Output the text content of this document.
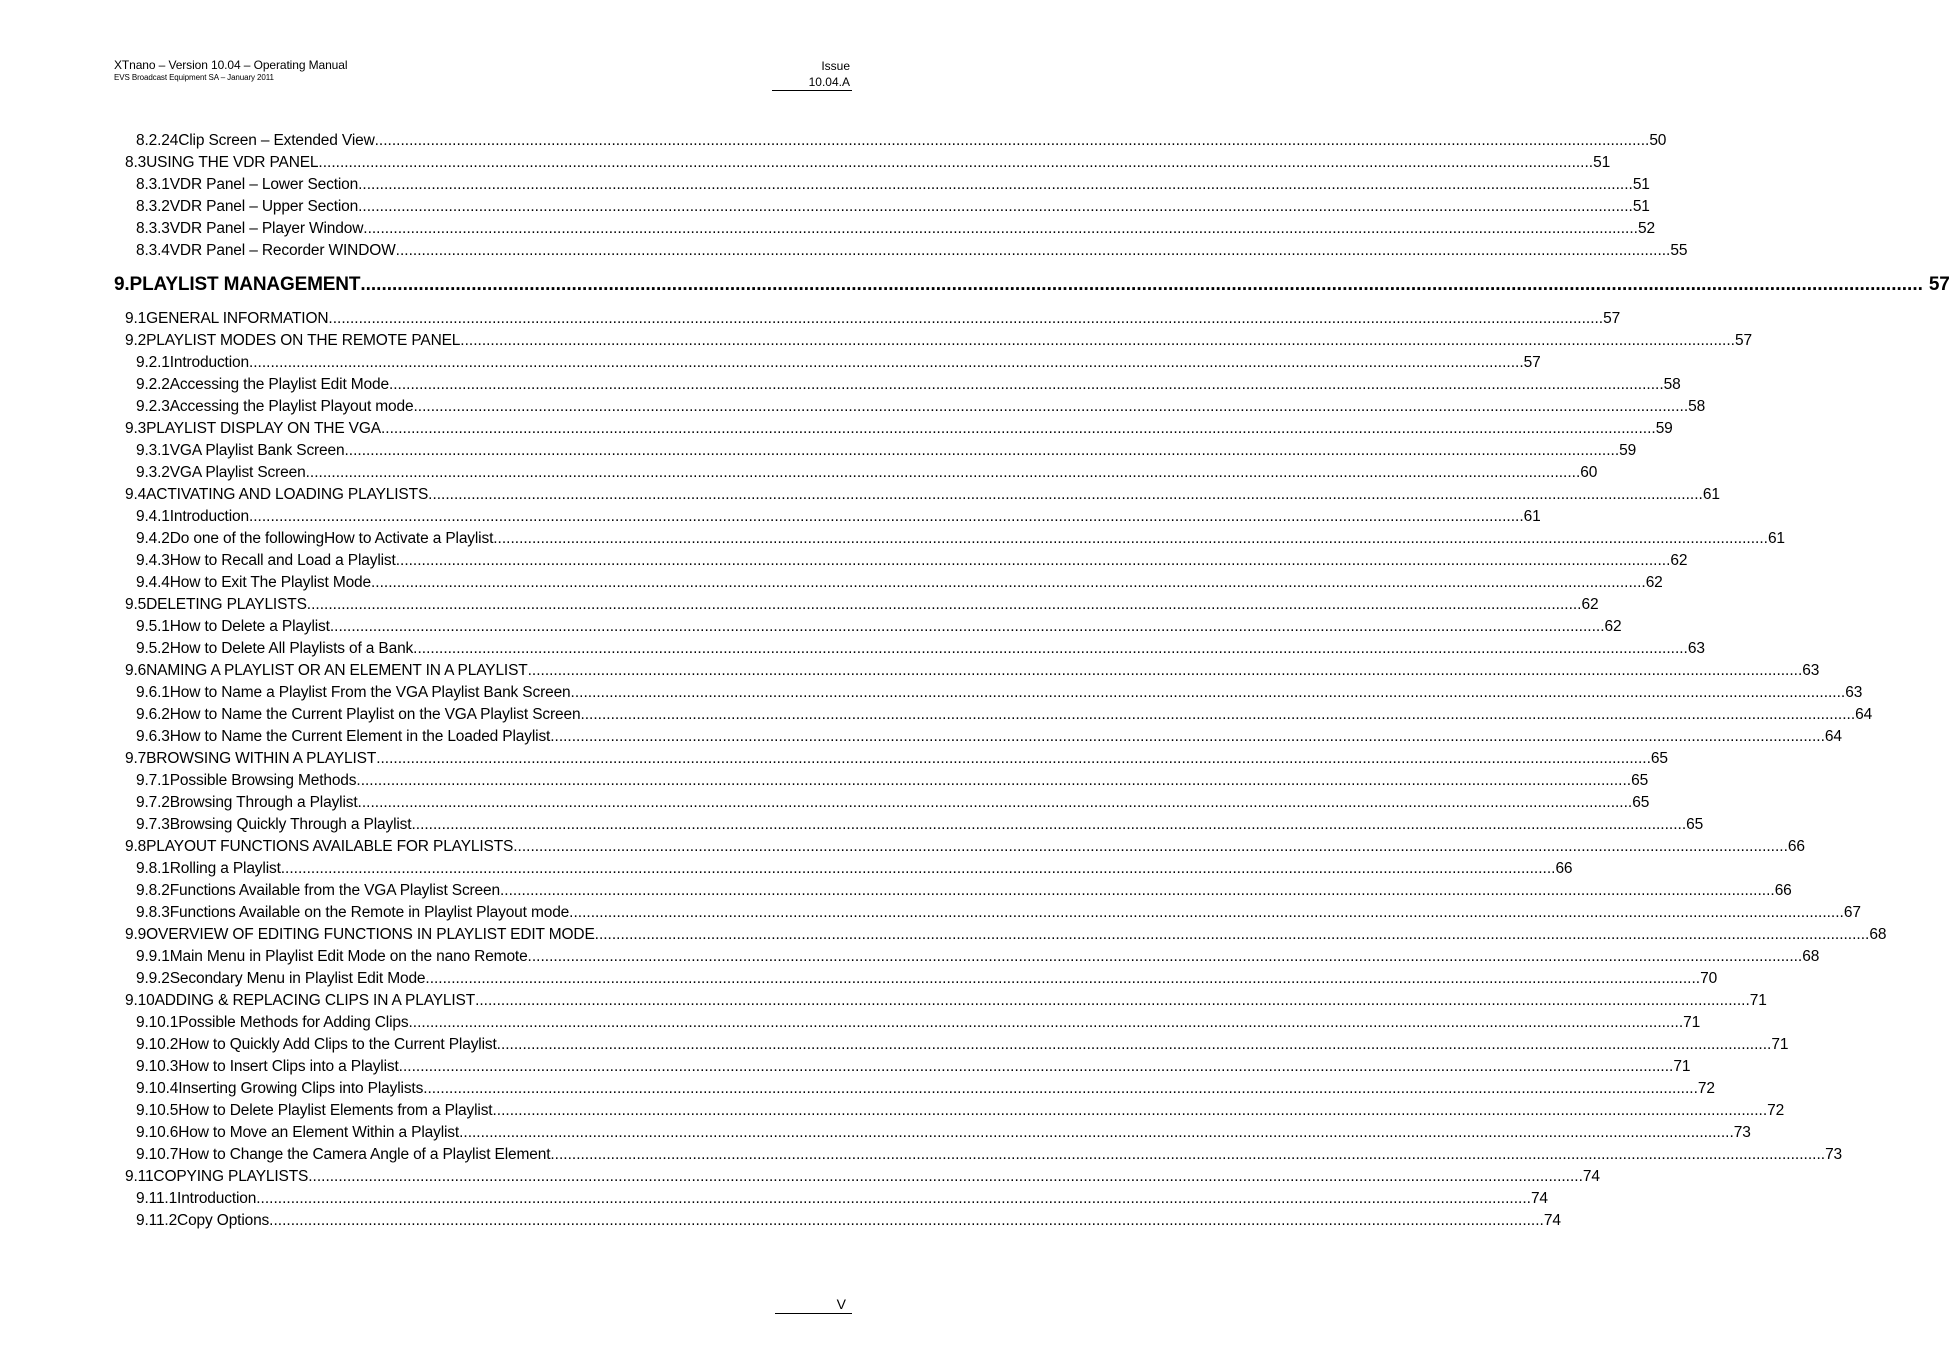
XTnano – Version 10.04 – Operating Manual
EVS Broadcast Equipment SA – January 2011
Issue
10.04.A
8.2.24 Clip Screen – Extended View .....	50
8.3 USING THE VDR PANEL .....	51
8.3.1 VDR Panel – Lower Section .....	51
8.3.2 VDR Panel – Upper Section .....	51
8.3.3 VDR Panel – Player Window .....	52
8.3.4 VDR Panel – Recorder WINDOW .....	55
9. PLAYLIST MANAGEMENT .....	57
9.1 GENERAL INFORMATION .....	57
9.2 PLAYLIST MODES ON THE REMOTE PANEL .....	57
9.2.1 Introduction .....	57
9.2.2 Accessing the Playlist Edit Mode .....	58
9.2.3 Accessing the Playlist Playout mode .....	58
9.3 PLAYLIST DISPLAY ON THE VGA .....	59
9.3.1 VGA Playlist Bank Screen .....	59
9.3.2 VGA Playlist Screen .....	60
9.4 ACTIVATING AND LOADING PLAYLISTS .....	61
9.4.1 Introduction .....	61
9.4.2 Do one of the followingHow to Activate a Playlist .....	61
9.4.3 How to Recall and Load a Playlist .....	62
9.4.4 How to Exit The Playlist Mode .....	62
9.5 DELETING PLAYLISTS .....	62
9.5.1 How to Delete a Playlist .....	62
9.5.2 How to Delete All Playlists of a Bank .....	63
9.6 NAMING A PLAYLIST OR AN ELEMENT IN A PLAYLIST .....	63
9.6.1 How to Name a Playlist From the VGA Playlist Bank Screen .....	63
9.6.2 How to Name the Current Playlist on the VGA Playlist Screen .....	64
9.6.3 How to Name the Current Element in the Loaded Playlist .....	64
9.7 BROWSING WITHIN A PLAYLIST .....	65
9.7.1 Possible Browsing Methods .....	65
9.7.2 Browsing Through a Playlist .....	65
9.7.3 Browsing Quickly Through a Playlist .....	65
9.8 PLAYOUT FUNCTIONS AVAILABLE FOR PLAYLISTS .....	66
9.8.1 Rolling a Playlist .....	66
9.8.2 Functions Available from the VGA Playlist Screen .....	66
9.8.3 Functions Available on the Remote in Playlist Playout mode .....	67
9.9 OVERVIEW OF EDITING FUNCTIONS IN PLAYLIST EDIT MODE .....	68
9.9.1 Main Menu in Playlist Edit Mode on the nano Remote .....	68
9.9.2 Secondary Menu in Playlist Edit Mode .....	70
9.10 ADDING & REPLACING CLIPS IN A PLAYLIST .....	71
9.10.1 Possible Methods for Adding Clips .....	71
9.10.2 How to Quickly Add Clips to the Current Playlist .....	71
9.10.3 How to Insert Clips into a Playlist .....	71
9.10.4 Inserting Growing Clips into Playlists .....	72
9.10.5 How to Delete Playlist Elements from a Playlist .....	72
9.10.6 How to Move an Element Within a Playlist .....	73
9.10.7 How to Change the Camera Angle of a Playlist Element .....	73
9.11 COPYING PLAYLISTS .....	74
9.11.1 Introduction .....	74
9.11.2 Copy Options .....	74
V
